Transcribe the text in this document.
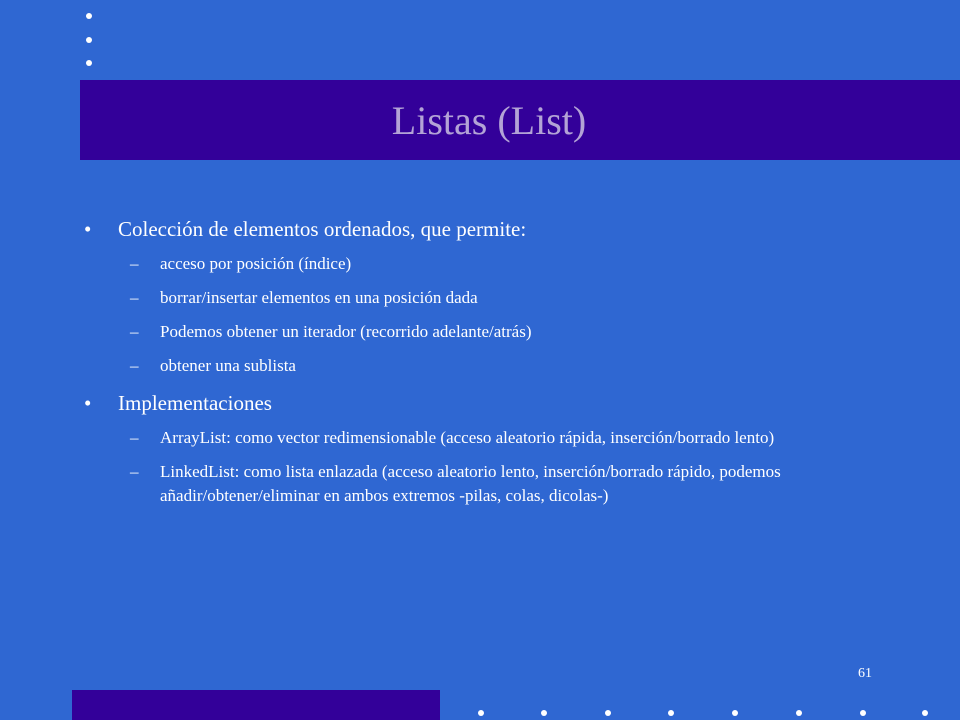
Listas (List)
•	Colección de elementos ordenados, que permite:
– acceso por posición (índice)
– borrar/insertar elementos en una posición dada
– Podemos obtener un iterador (recorrido adelante/atrás)
– obtener una sublista
•	Implementaciones
– ArrayList: como vector redimensionable (acceso aleatorio rápida, inserción/borrado lento)
– LinkedList: como lista enlazada (acceso aleatorio lento, inserción/borrado rápido, podemos añadir/obtener/eliminar en ambos extremos -pilas, colas, dicolas-)
61
